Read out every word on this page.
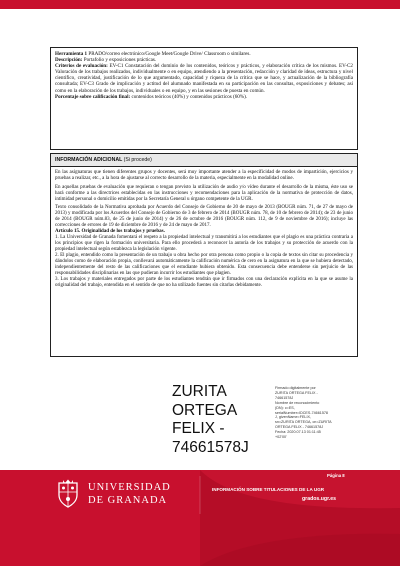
Herramienta 1 PRADO/correo electrónico/Google Meet/Google Drive/ Classroom o similares.

Descripción: Portafolio y exposiciones prácticas.

Criterios de evaluación: EV-C1 Constatación del dominio de los contenidos, teóricos y prácticos, y elaboración crítica de los mismos. EV-C2 Valoración de los trabajos realizados, individualmente o en equipo, atendiendo a la presentación, redacción y claridad de ideas, estructura y nivel científico, creatividad, justificación de lo que argumentado, capacidad y riqueza de la crítica que se hace, y actualización de la bibliografía consultada; EV-C3 Grado de implicación y actitud del alumnado manifestada en su participación en las consultas, exposiciones y debates; así como en la elaboración de los trabajos, individuales o en equipo, y en las sesiones de puesta en común.

Porcentaje sobre calificación final: contenidos teóricos (40%) y contenidos prácticos (60%).

INFORMACIÓN ADICIONAL (Si procede)

En las asignaturas que tienen diferentes grupos y docentes, será muy importante atender a la especificidad de modos de impartición, ejercicios y pruebas a realizar, etc., a la hora de ajustarse al correcto desarrollo de la materia, especialmente en la modalidad online.

En aquellas pruebas de evaluación que requieran o tengan previsto la utilización de audio y/o vídeo durante el desarrollo de la misma, éste uso se hará conforme a las directrices establecidas en las instrucciones y recomendaciones para la aplicación de la normativa de protección de datos, intimidad personal o domicilio emitidas por la Secretaría General u órgano competente de la UGR.

Texto consolidado de la Normativa aprobada por Acuerdo del Consejo de Gobierno de 20 de mayo de 2013 (BOUGR núm. 71, de 27 de mayo de 2013) y modificada por los Acuerdos del Consejo de Gobierno de 3 de febrero de 2014 (BOUGR núm. 78, de 10 de febrero de 2014); de 23 de junio de 2014 (BOUGR núm.83, de 25 de junio de 2014) y de 26 de octubre de 2016 (BOUGR núm. 112, de 9 de noviembre de 2016); incluye las correcciones de errores de 19 de diciembre de 2016 y de 24 de mayo de 2017.

Artículo 15. Originalidad de los trabajos y pruebas.

1. La Universidad de Granada fomentará el respeto a la propiedad intelectual y transmitirá a los estudiantes que el plagio es una práctica contraria a los principios que rigen la formación universitaria. Para ello procederá a reconocer la autoría de los trabajos y su protección de acuerdo con la propiedad intelectual según establezca la legislación vigente.

2. El plagio, entendido como la presentación de un trabajo u obra hecho por otra persona como propio o la copia de textos sin citar su procedencia y dándolos como de elaboración propia, conllevará automáticamente la calificación numérica de cero en la asignatura en la que se hubiera detectado, independientemente del resto de las calificaciones que el estudiante hubiera obtenido. Esta consecuencia debe entenderse sin perjuicio de las responsabilidades disciplinarias en las que pudieran incurrir los estudiantes que plagien.

3. Los trabajos y materiales entregados por parte de los estudiantes tendrán que ir firmados con una declaración explícita en la que se asume la originalidad del trabajo, entendida en el sentido de que no ha utilizado fuentes sin citarlas debidamente.

ZURITA
ORTEGA
FELIX -
74661578J
Firmado digitalmente por
ZURITA ORTEGA FELIX -
74661578J
Nombre de reconocimiento
(DN): c=ES,
serialNumber=IDCES-74661578
J, givenName=FELIX,
sn=ZURITA ORTEGA, cn=ZURITA
ORTEGA FELIX - 74661578J
Fecha: 2020.07.13 01:11:45
+02'00'
UNIVERSIDAD
DE GRANADA
Página 8
INFORMACIÓN SOBRE TITULACIONES DE LA UGR
grados.ugr.es
